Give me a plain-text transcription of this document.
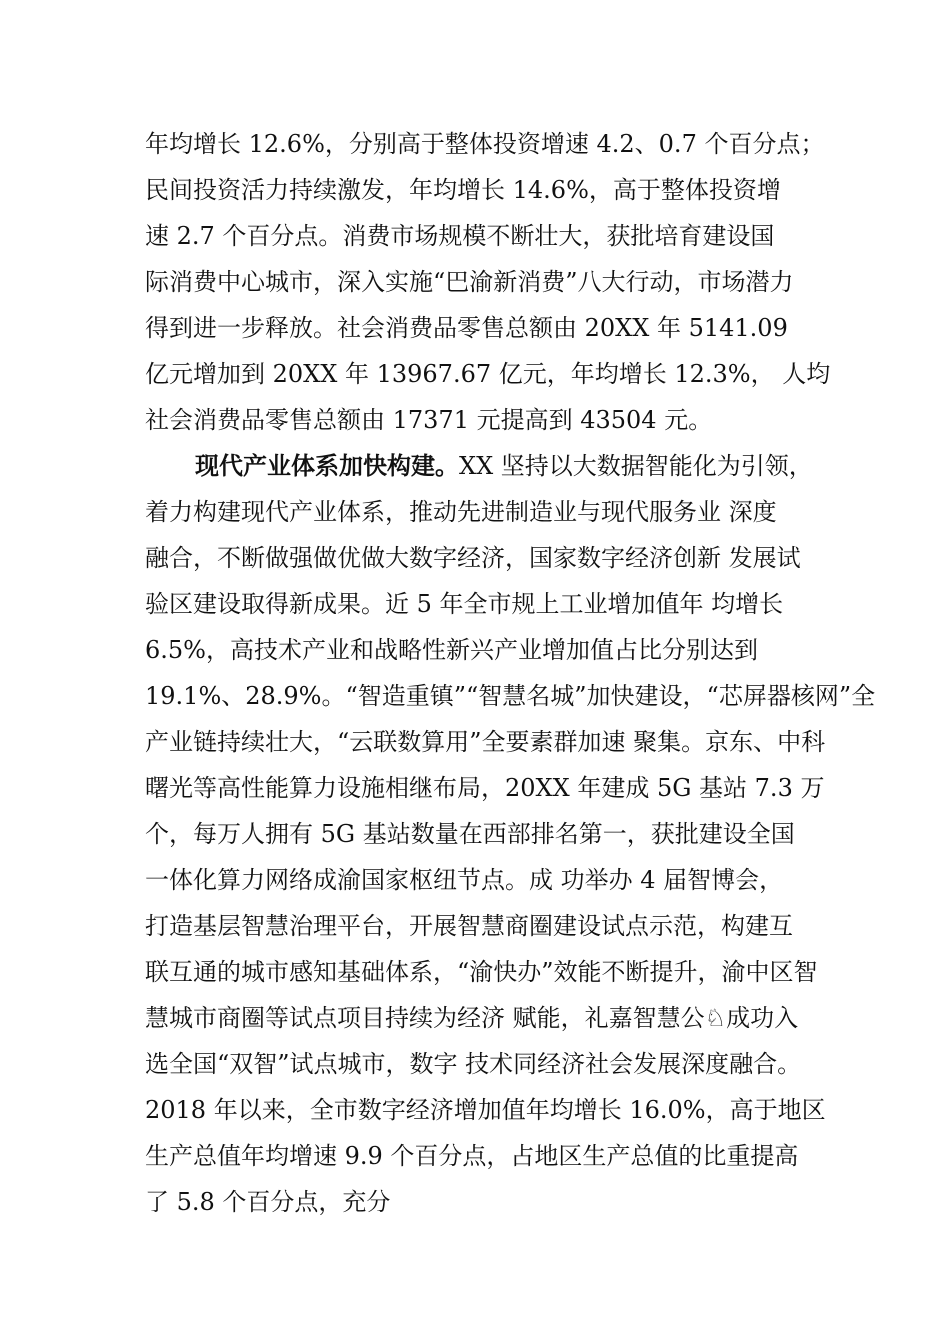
年均增长 12.6%，分别高于整体投资增速 4.2、0.7 个百分点；
民间投资活力持续激发，年均增长 14.6%，高于整体投资增
速 2.7 个百分点。消费市场规模不断壮大，获批培育建设国
际消费中心城市，深入实施“巴渝新消费”八大行动，市场潜力
得到进一步释放。社会消费品零售总额由 20XX 年 5141.09
亿元增加到 20XX 年 13967.67 亿元，年均增长 12.3%， 人均
社会消费品零售总额由 17371 元提高到 43504 元。
现代产业体系加快构建。XX 坚持以大数据智能化为引领，
着力构建现代产业体系，推动先进制造业与现代服务业 深度
融合，不断做强做优做大数字经济，国家数字经济创新 发展试
验区建设取得新成果。近 5 年全市规上工业增加值年 均增长
6.5%，高技术产业和战略性新兴产业增加值占比分别达到
19.1%、28.9%。“智造重镇”“智慧名城”加快建设，“芯屏器核网”全
产业链持续壮大，“云联数算用”全要素群加速 聚集。京东、中科
曙光等高性能算力设施相继布局，20XX 年建成 5G 基站 7.3 万
个，每万人拥有 5G 基站数量在西部排名第一，获批建设全国
一体化算力网络成渝国家枢纽节点。成 功举办 4 届智博会，
打造基层智慧治理平台，开展智慧商圈建设试点示范，构建互
联互通的城市感知基础体系，“渝快办”效能不断提升，渝中区智
慧城市商圈等试点项目持续为经济 赋能，礼嘉智慧公♘成功入
选全国“双智”试点城市，数字 技术同经济社会发展深度融合。
2018 年以来，全市数字经济增加值年均增长 16.0%，高于地区
生产总值年均增速 9.9 个百分点，占地区生产总值的比重提高
了 5.8 个百分点，充分
